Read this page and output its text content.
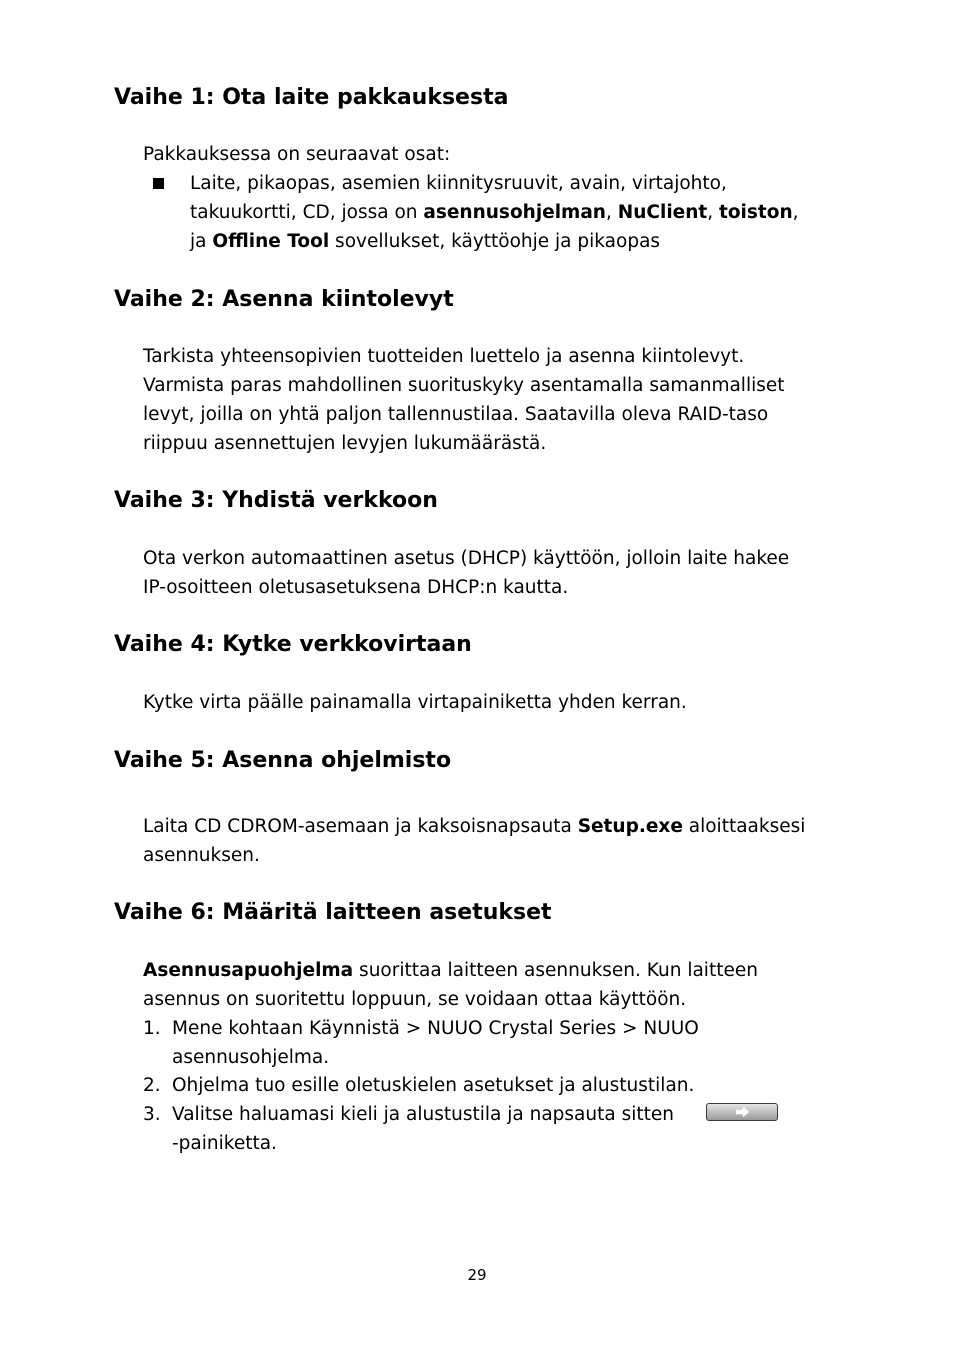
Vaihe 1: Ota laite pakkauksesta

Pakkauksessa on seuraavat osat:

Laite, pikaopas, asemien kiinnitysruuvit, avain, virtajohto,
takuukortti, CD, jossa on asennusohjelman, NuClient, toiston,
ja Offline Tool sovellukset, käyttöohje ja pikaopas

Vaihe 2: Asenna kiintolevyt

Tarkista yhteensopivien tuotteiden luettelo ja asenna kiintolevyt.
Varmista paras mahdollinen suorituskyky asentamalla samanmalliset
levyt, joilla on yhtä paljon tallennustilaa. Saatavilla oleva RAID-taso
riippuu asennettujen levyjen lukumäärästä.

Vaihe 3: Yhdistä verkkoon

Ota verkon automaattinen asetus (DHCP) käyttöön, jolloin laite hakee
IP-osoitteen oletusasetuksena DHCP:n kautta.

Vaihe 4: Kytke verkkovirtaan

Kytke virta päälle painamalla virtapainiketta yhden kerran.

Vaihe 5: Asenna ohjelmisto

Laita CD CDROM-asemaan ja kaksoisnapsauta Setup.exe aloittaaksesi
asennuksen.

Vaihe 6: Määritä laitteen asetukset

Asennusapuohjelma suorittaa laitteen asennuksen. Kun laitteen
asennus on suoritettu loppuun, se voidaan ottaa käyttöön.

1. Mene kohtaan Käynnistä > NUUO Crystal Series > NUUO
asennusohjelma.

2. Ohjelma tuo esille oletuskielen asetukset ja alustustilan.

3. Valitse haluamasi kieli ja alustustila ja napsauta sitten
-painiketta.

29
